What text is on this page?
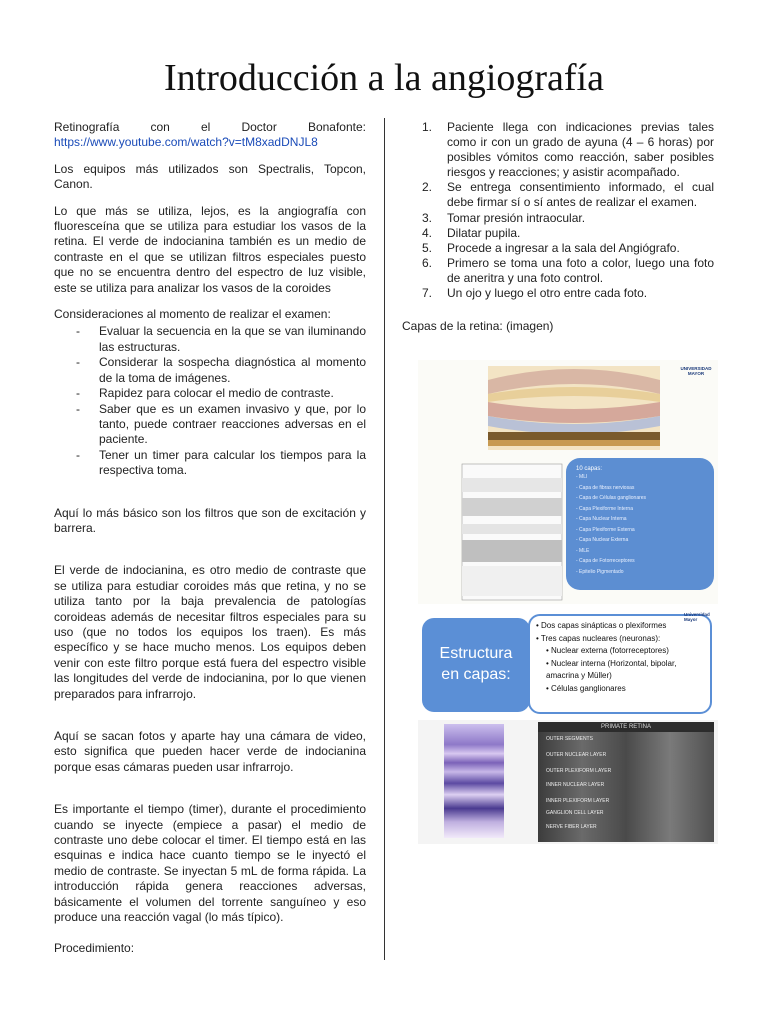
Introducción a la angiografía

Retinografía con el Doctor Bonafonte: https://www.youtube.com/watch?v=tM8xadDNJL8

Los equipos más utilizados son Spectralis, Topcon, Canon.

Lo que más se utiliza, lejos, es la angiografía con fluoresceína que se utiliza para estudiar los vasos de la retina. El verde de indocianina también es un medio de contraste en el que se utilizan filtros especiales puesto que no se encuentra dentro del espectro de luz visible, este se utiliza para analizar los vasos de la coroides

Consideraciones al momento de realizar el examen:

- Evaluar la secuencia en la que se van iluminando las estructuras.
- Considerar la sospecha diagnóstica al momento de la toma de imágenes.
- Rapidez para colocar el medio de contraste.
- Saber que es un examen invasivo y que, por lo tanto, puede contraer reacciones adversas en el paciente.
- Tener un timer para calcular los tiempos para la respectiva toma.

Aquí lo más básico son los filtros que son de excitación y barrera.

El verde de indocianina, es otro medio de contraste que se utiliza para estudiar coroides más que retina, y no se utiliza tanto por la baja prevalencia de patologías coroideas además de necesitar filtros especiales para su uso (que no todos los equipos los traen). Es más específico y se hace mucho menos. Los equipos deben venir con este filtro porque está fuera del espectro visible las longitudes del verde de indocianina, por lo que vienen preparados para infrarrojo.

Aquí se sacan fotos y aparte hay una cámara de video, esto significa que pueden hacer verde de indocianina porque esas cámaras pueden usar infrarrojo.

Es importante el tiempo (timer), durante el procedimiento cuando se inyecte (empiece a pasar) el medio de contraste uno debe colocar el timer. El tiempo está en las esquinas e indica hace cuanto tiempo se le inyectó el medio de contraste. Se inyectan 5 mL de forma rápida. La introducción rápida genera reacciones adversas, básicamente el volumen del torrente sanguíneo y eso produce una reacción vagal (lo más típico).

Procedimiento:

1. Paciente llega con indicaciones previas tales como ir con un grado de ayuna (4 – 6 horas) por posibles vómitos como reacción, saber posibles riesgos y reacciones; y asistir acompañado.
2. Se entrega consentimiento informado, el cual debe firmar sí o sí antes de realizar el examen.
3. Tomar presión intraocular.
4. Dilatar pupila.
5. Procede a ingresar a la sala del Angiógrafo.
6. Primero se toma una foto a color, luego una foto de aneritra y una foto control.
7. Un ojo y luego el otro entre cada foto.

Capas de la retina: (imagen)

UNIVERSIDAD MAYOR
10 capas:
- MLI
- Capa de fibras nerviosas
- Capa de Células ganglionares
- Capa Plexiforme Interna
- Capa Nuclear Interna
- Capa Plexiforme Externa
- Capa Nuclear Externa
- MLE
- Capa de Fotorreceptores
- Epitelio Pigmentado
Estructura
en capas:
• Dos capas sinápticas o plexiformes
• Tres capas nucleares (neuronas):
• Nuclear externa (fotorreceptores)
• Nuclear interna (Horizontal, bipolar, amacrina y Müller)
• Células ganglionares
Universidad Mayor
PRIMATE RETINA
OUTER SEGMENTS
OUTER NUCLEAR LAYER
OUTER PLEXIFORM LAYER
INNER NUCLEAR LAYER
INNER PLEXIFORM LAYER
GANGLION CELL LAYER
NERVE FIBER LAYER
